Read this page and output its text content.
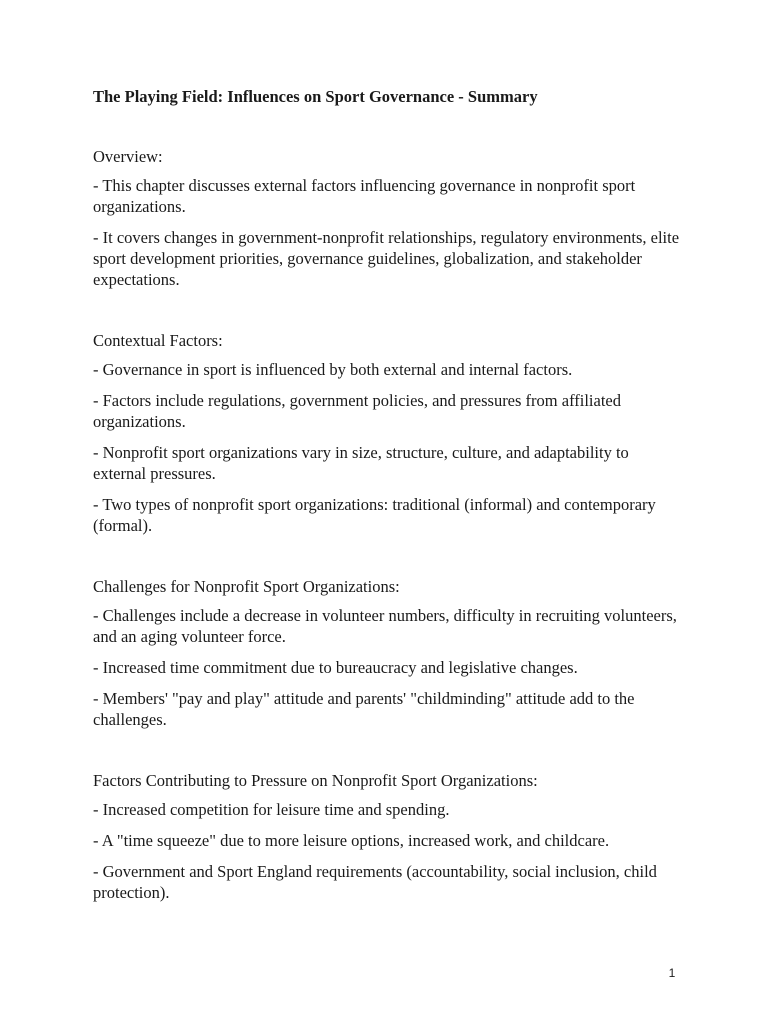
The Playing Field: Influences on Sport Governance - Summary
Overview:
- This chapter discusses external factors influencing governance in nonprofit sport organizations.
- It covers changes in government-nonprofit relationships, regulatory environments, elite sport development priorities, governance guidelines, globalization, and stakeholder expectations.
Contextual Factors:
- Governance in sport is influenced by both external and internal factors.
- Factors include regulations, government policies, and pressures from affiliated organizations.
- Nonprofit sport organizations vary in size, structure, culture, and adaptability to external pressures.
- Two types of nonprofit sport organizations: traditional (informal) and contemporary (formal).
Challenges for Nonprofit Sport Organizations:
- Challenges include a decrease in volunteer numbers, difficulty in recruiting volunteers, and an aging volunteer force.
- Increased time commitment due to bureaucracy and legislative changes.
- Members' "pay and play" attitude and parents' "childminding" attitude add to the challenges.
Factors Contributing to Pressure on Nonprofit Sport Organizations:
- Increased competition for leisure time and spending.
- A "time squeeze" due to more leisure options, increased work, and childcare.
- Government and Sport England requirements (accountability, social inclusion, child protection).
1
